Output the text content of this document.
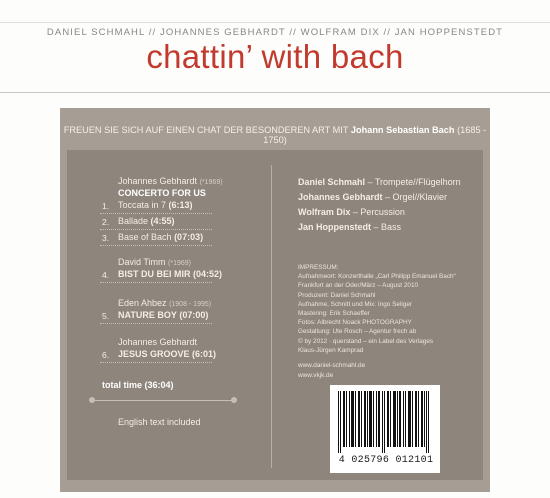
DANIEL SCHMAHL // JOHANNES GEBHARDT // WOLFRAM DIX // JAN HOPPENSTEDT
chattin’ with bach
FREUEN SIE SICH AUF EINEN CHAT DER BESONDEREN ART MIT Johann Sebastian Bach (1685 - 1750)
Johannes Gebhardt (*1969)
CONCERTO FOR US
1. Toccata in 7 (6:13)
2. Ballade (4:55)
3. Base of Bach (07:03)
David Timm (*1969)
4. BIST DU BEI MIR (04:52)
Eden Ahbez (1908 - 1995)
5. NATURE BOY (07:00)
Johannes Gebhardt
6. JESUS GROOVE (6:01)
total time (36:04)
English text included
Daniel Schmahl – Trompete//Flügelhorn
Johannes Gebhardt – Orgel//Klavier
Wolfram Dix – Percussion
Jan Hoppenstedt – Bass
IMPRESSUM:
Aufnahmeort: Konzerthalle „Carl Philipp Emanuel Bach“
Frankfurt an der Oder/März – August 2010
Produzent: Daniel Schmahl
Aufnahme, Schnitt und Mix: Ingo Seliger
Mastering: Erik Schaeffer
Fotos: Albrecht Noack PHOTOGRAPHY
Gestaltung: Ute Rosch – Agentur frech ab
© by 2012 · querstand – ein Label des Verlages
Klaus-Jürgen Kamprad
www.daniel-schmahl.de
www.vkjk.de
4 025796 012101
